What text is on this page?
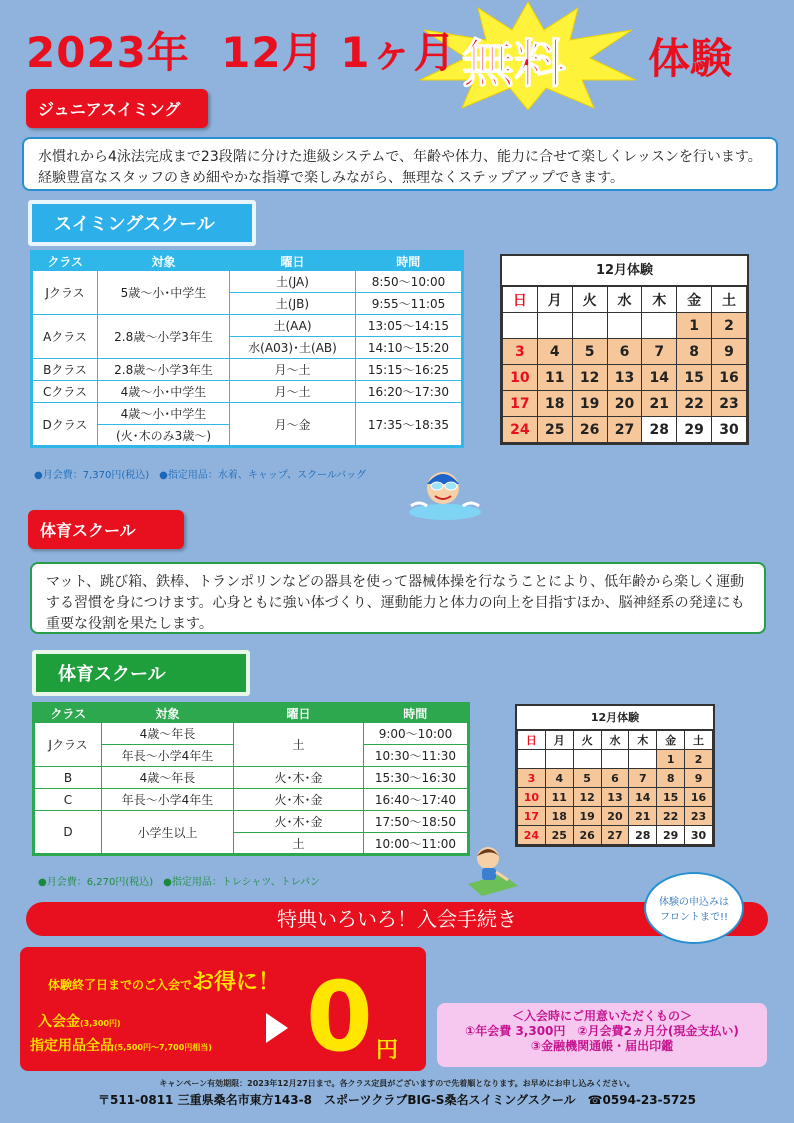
2023年 12月 1ヶ月 無料 体験
ジュニアスイミング
水慣れから4泳法完成まで23段階に分けた進級システムで、年齢や体力、能力に合せて楽しくレッスンを行います。経験豊富なスタッフのきめ細やかな指導で楽しみながら、無理なくステップアップできます。
スイミングスクール
クラス	対象	曜日	時間
Jクラス	5歳～小･中学生	土(JA)	8:50～10:00
		土(JB)	9:55～11:05
Aクラス	2.8歳～小学3年生	土(AA)	13:05～14:15
		水(A03)･土(AB)	14:10～15:20
Bクラス	2.8歳～小学3年生	月～土	15:15～16:25
Cクラス	4歳～小･中学生	月～土	16:20～17:30
Dクラス	4歳～小･中学生	月～金	17:35～18:35
	(火･木のみ3歳～)		
12月体験
日	月	火	水	木	金	土
					1	2
3	4	5	6	7	8	9
10	11	12	13	14	15	16
17	18	19	20	21	22	23
24	25	26	27	28	29	30
●月会費：7,370円(税込)　●指定用品：水着、キャップ、スクールバッグ
体育スクール
マット、跳び箱、鉄棒、トランポリンなどの器具を使って器械体操を行なうことにより、低年齢から楽しく運動する習慣を身につけます。心身ともに強い体づくり、運動能力と体力の向上を目指すほか、脳神経系の発達にも重要な役割を果たします。
体育スクール
クラス	対象	曜日	時間
Jクラス	4歳～年長	土	9:00～10:00
	年長～小学4年生		10:30～11:30
B	4歳～年長	火･木･金	15:30～16:30
C	年長～小学4年生	火･木･金	16:40～17:40
D	小学生以上	火･木･金	17:50～18:50
		土	10:00～11:00
12月体験
日	月	火	水	木	金	土
					1	2
3	4	5	6	7	8	9
10	11	12	13	14	15	16
17	18	19	20	21	22	23
24	25	26	27	28	29	30
●月会費：6,270円(税込)　●指定用品：トレシャツ、トレパン
特典いろいろ！入会手続き
体験の申込みは
フロントまで!!
体験終了日までのご入会でお得に！
入会金(3,300円)
指定用品全品(5,500円～7,700円相当) 0 円
＜入会時にご用意いただくもの＞
①年会費 3,300円　②月会費2ヵ月分(現金支払い)
③金融機関通帳・届出印鑑
キャンペーン有効期限：2023年12月27日まで。各クラス定員がございますので先着順となります。お早めにお申し込みください。
〒511-0811 三重県桑名市東方143-8　スポーツクラブBIG-S桑名スイミングスクール　☎0594-23-5725
